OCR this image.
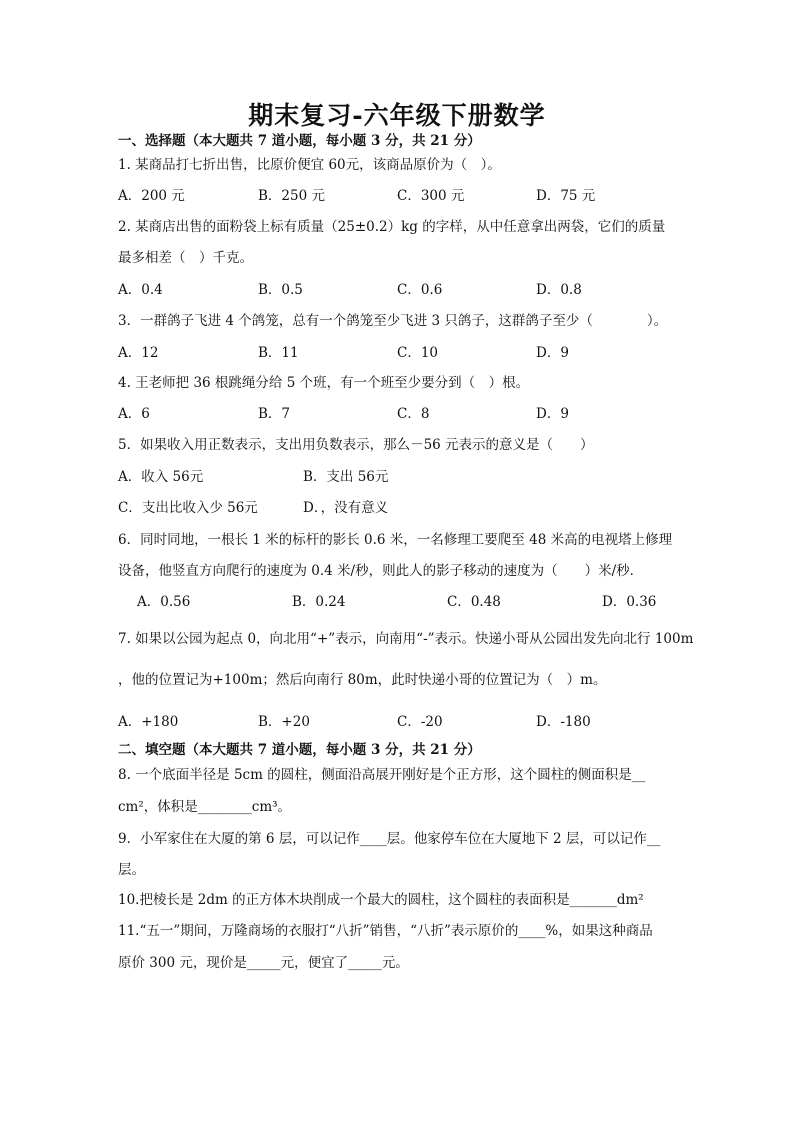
期末复习-六年级下册数学
一、选择题（本大题共 7 道小题，每小题 3 分，共 21 分）
1. 某商品打七折出售，比原价便宜 60元，该商品原价为（　）。
A．200 元	B．250 元	C．300 元	D．75 元
2. 某商店出售的面粉袋上标有质量（25±0.2）kg 的字样，从中任意拿出两袋，它们的质量
最多相差（　）千克。
A．0.4	B．0.5	C．0.6	D．0.8
3．一群鸽子飞进 4 个鸽笼，总有一个鸽笼至少飞进 3 只鸽子，这群鸽子至少（　　　　）。
A．12	B．11	C．10	D．9
4. 王老师把 36 根跳绳分给 5 个班，有一个班至少要分到（　）根。
A．6	B．7	C．8	D．9
5．如果收入用正数表示，支出用负数表示，那么－56 元表示的意义是（　　）
A．收入 56元	B．支出 56元
C．支出比收入少 56元	D．，没有意义
6．同时同地，一根长 1 米的标杆的影长 0.6 米，一名修理工要爬至 48 米高的电视塔上修理
设备，他竖直方向爬行的速度为 0.4 米/秒，则此人的影子移动的速度为（　　）米/秒．
A．0.56	B．0.24	C．0.48	D．0.36
7. 如果以公园为起点 0，向北用“+”表示，向南用“-”表示。快递小哥从公园出发先向北行 100m
，他的位置记为+100m；然后向南行 80m，此时快递小哥的位置记为（　）m。
A．+180	B．+20	C．-20	D．-180
二、填空题（本大题共 7 道小题，每小题 3 分，共 21 分）
8. 一个底面半径是 5cm 的圆柱，侧面沿高展开刚好是个正方形，这个圆柱的侧面积是__
cm²，体积是________cm³。
9．小军家住在大厦的第 6 层，可以记作____层。他家停车位在大厦地下 2 层，可以记作__
层。
10.把棱长是 2dm 的正方体木块削成一个最大的圆柱，这个圆柱的表面积是_______dm²
11.“五一”期间，万隆商场的衣服打“八折”销售，“八折”表示原价的____%，如果这种商品
原价 300 元，现价是_____元，便宜了_____元。
